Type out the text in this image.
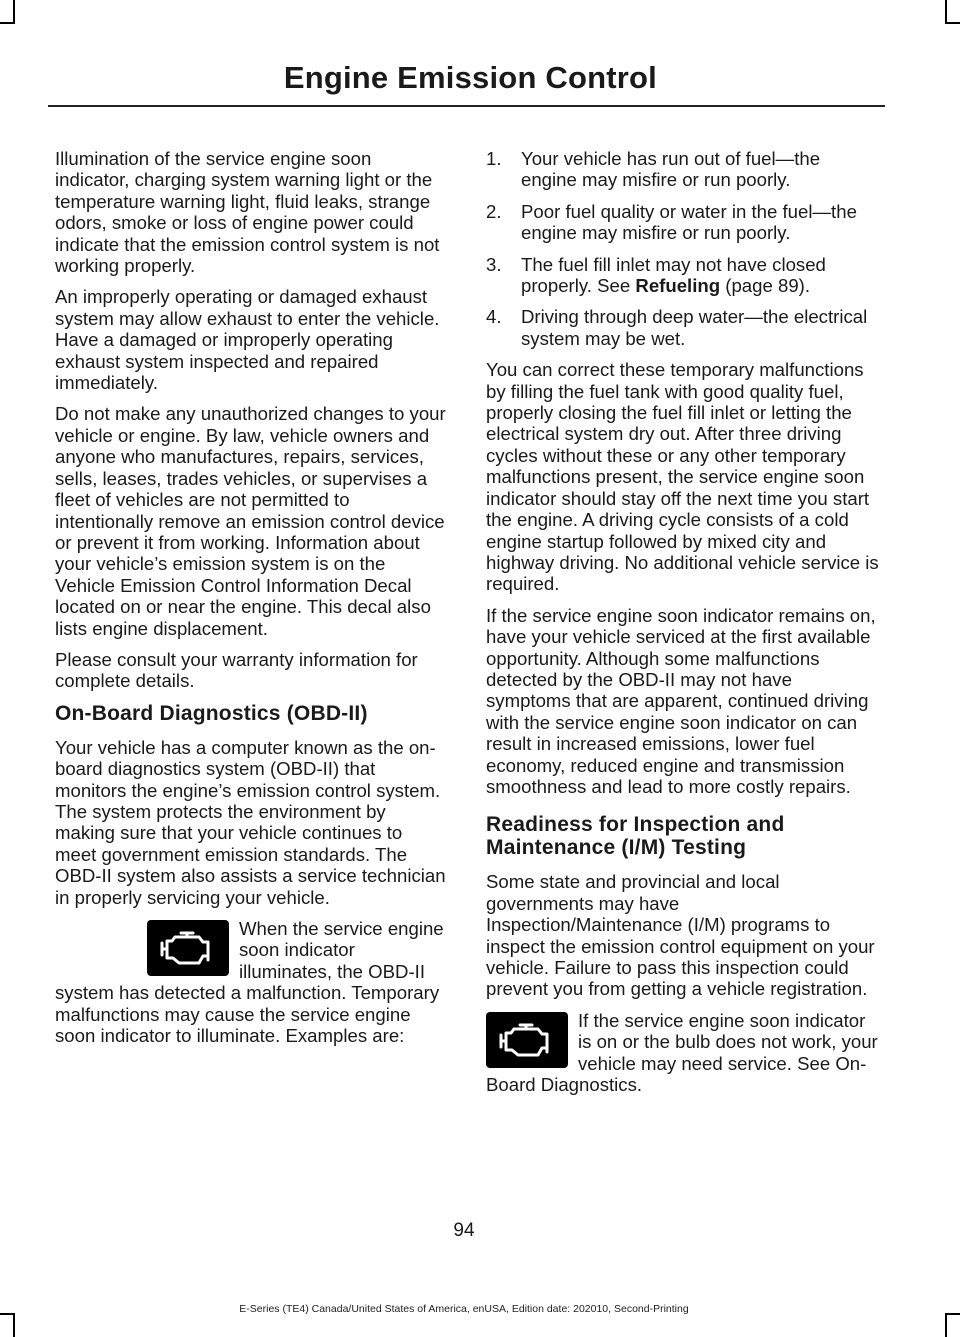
Engine Emission Control

Illumination of the service engine soon indicator, charging system warning light or the temperature warning light, fluid leaks, strange odors, smoke or loss of engine power could indicate that the emission control system is not working properly.

An improperly operating or damaged exhaust system may allow exhaust to enter the vehicle. Have a damaged or improperly operating exhaust system inspected and repaired immediately.

Do not make any unauthorized changes to your vehicle or engine. By law, vehicle owners and anyone who manufactures, repairs, services, sells, leases, trades vehicles, or supervises a fleet of vehicles are not permitted to intentionally remove an emission control device or prevent it from working. Information about your vehicle’s emission system is on the Vehicle Emission Control Information Decal located on or near the engine. This decal also lists engine displacement.

Please consult your warranty information for complete details.

On-Board Diagnostics (OBD-II)

Your vehicle has a computer known as the on-board diagnostics system (OBD-II) that monitors the engine’s emission control system. The system protects the environment by making sure that your vehicle continues to meet government emission standards. The OBD-II system also assists a service technician in properly servicing your vehicle.

When the service engine soon indicator illuminates, the OBD-II system has detected a malfunction. Temporary malfunctions may cause the service engine soon indicator to illuminate. Examples are:

1.	Your vehicle has run out of fuel—the engine may misfire or run poorly.
2.	Poor fuel quality or water in the fuel—the engine may misfire or run poorly.
3.	The fuel fill inlet may not have closed properly. See Refueling (page 89).
4.	Driving through deep water—the electrical system may be wet.

You can correct these temporary malfunctions by filling the fuel tank with good quality fuel, properly closing the fuel fill inlet or letting the electrical system dry out. After three driving cycles without these or any other temporary malfunctions present, the service engine soon indicator should stay off the next time you start the engine. A driving cycle consists of a cold engine startup followed by mixed city and highway driving. No additional vehicle service is required.

If the service engine soon indicator remains on, have your vehicle serviced at the first available opportunity. Although some malfunctions detected by the OBD-II may not have symptoms that are apparent, continued driving with the service engine soon indicator on can result in increased emissions, lower fuel economy, reduced engine and transmission smoothness and lead to more costly repairs.

Readiness for Inspection and Maintenance (I/M) Testing

Some state and provincial and local governments may have Inspection/Maintenance (I/M) programs to inspect the emission control equipment on your vehicle. Failure to pass this inspection could prevent you from getting a vehicle registration.

If the service engine soon indicator is on or the bulb does not work, your vehicle may need service. See On-Board Diagnostics.

94
E-Series (TE4) Canada/United States of America, enUSA, Edition date: 202010, Second-Printing
